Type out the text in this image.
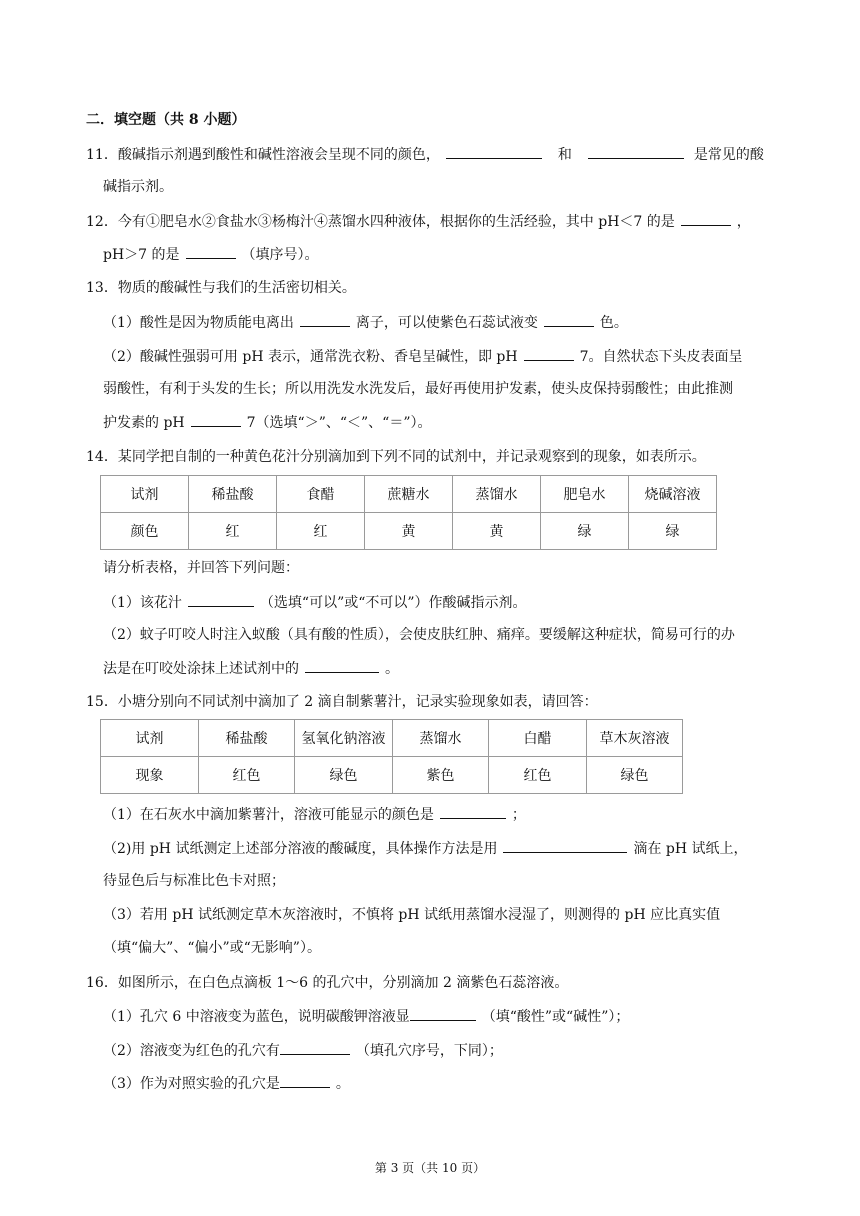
二．填空题（共 8 小题）
11．酸碱指示剂遇到酸性和碱性溶液会呈现不同的颜色，	和	是常见的酸
碱指示剂。
12．今有①肥皂水②食盐水③杨梅汁④蒸馏水四种液体，根据你的生活经验，其中 pH＜7 的是	，
pH＞7 的是	（填序号）。
13．物质的酸碱性与我们的生活密切相关。
（1）酸性是因为物质能电离出	离子，可以使紫色石蕊试液变	色。
（2）酸碱性强弱可用 pH 表示，通常洗衣粉、香皂呈碱性，即 pH	7。自然状态下头皮表面呈
弱酸性，有利于头发的生长；所以用洗发水洗发后，最好再使用护发素，使头皮保持弱酸性；由此推测
护发素的 pH	7（选填“＞”、“＜”、“＝”）。
14．某同学把自制的一种黄色花汁分别滴加到下列不同的试剂中，并记录观察到的现象，如表所示。
试剂	稀盐酸	食醋	蔗糖水	蒸馏水	肥皂水	烧碱溶液
颜色	红	红	黄	黄	绿	绿
请分析表格，并回答下列问题：
（1）该花汁	（选填“可以”或“不可以”）作酸碱指示剂。
（2）蚊子叮咬人时注入蚁酸（具有酸的性质），会使皮肤红肿、痛痒。要缓解这种症状，简易可行的办
法是在叮咬处涂抹上述试剂中的	。
15．小塘分别向不同试剂中滴加了 2 滴自制紫薯汁，记录实验现象如表，请回答：
试剂	稀盐酸	氢氧化钠溶液	蒸馏水	白醋	草木灰溶液
现象	红色	绿色	紫色	红色	绿色
（1）在石灰水中滴加紫薯汁，溶液可能显示的颜色是	；
（2)用 pH 试纸测定上述部分溶液的酸碱度，具体操作方法是用	滴在 pH 试纸上，
待显色后与标准比色卡对照；
（3）若用 pH 试纸测定草木灰溶液时，不慎将 pH 试纸用蒸馏水浸湿了，则测得的 pH 应比真实值
（填“偏大”、“偏小”或“无影响”）。
16．如图所示，在白色点滴板 1～6 的孔穴中，分别滴加 2 滴紫色石蕊溶液。
（1）孔穴 6 中溶液变为蓝色，说明碳酸钾溶液显	（填“酸性”或“碱性”）；
（2）溶液变为红色的孔穴有	（填孔穴序号，下同）；
（3）作为对照实验的孔穴是	。
第 3 页（共 10 页）
